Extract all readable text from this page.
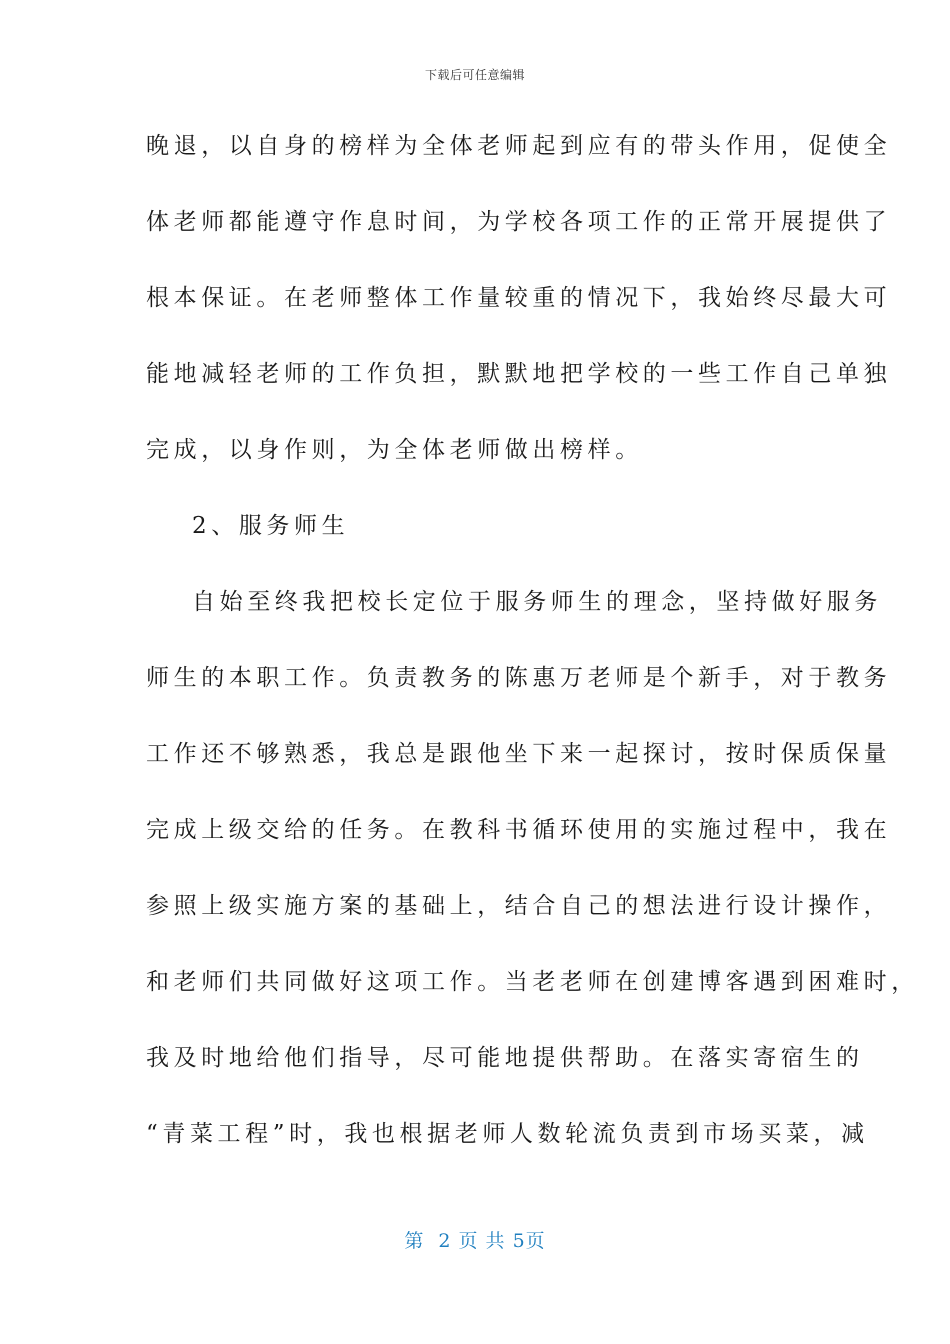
下载后可任意编辑
晚退，以自身的榜样为全体老师起到应有的带头作用，促使全
体老师都能遵守作息时间，为学校各项工作的正常开展提供了
根本保证。在老师整体工作量较重的情况下，我始终尽最大可
能地减轻老师的工作负担，默默地把学校的一些工作自己单独
完成，以身作则，为全体老师做出榜样。
2、服务师生
自始至终我把校长定位于服务师生的理念，坚持做好服务
师生的本职工作。负责教务的陈惠万老师是个新手，对于教务
工作还不够熟悉，我总是跟他坐下来一起探讨，按时保质保量
完成上级交给的任务。在教科书循环使用的实施过程中，我在
参照上级实施方案的基础上，结合自己的想法进行设计操作，
和老师们共同做好这项工作。当老老师在创建博客遇到困难时，
我及时地给他们指导，尽可能地提供帮助。在落实寄宿生的
“青菜工程”时，我也根据老师人数轮流负责到市场买菜，减
第  2 页 共 5页
